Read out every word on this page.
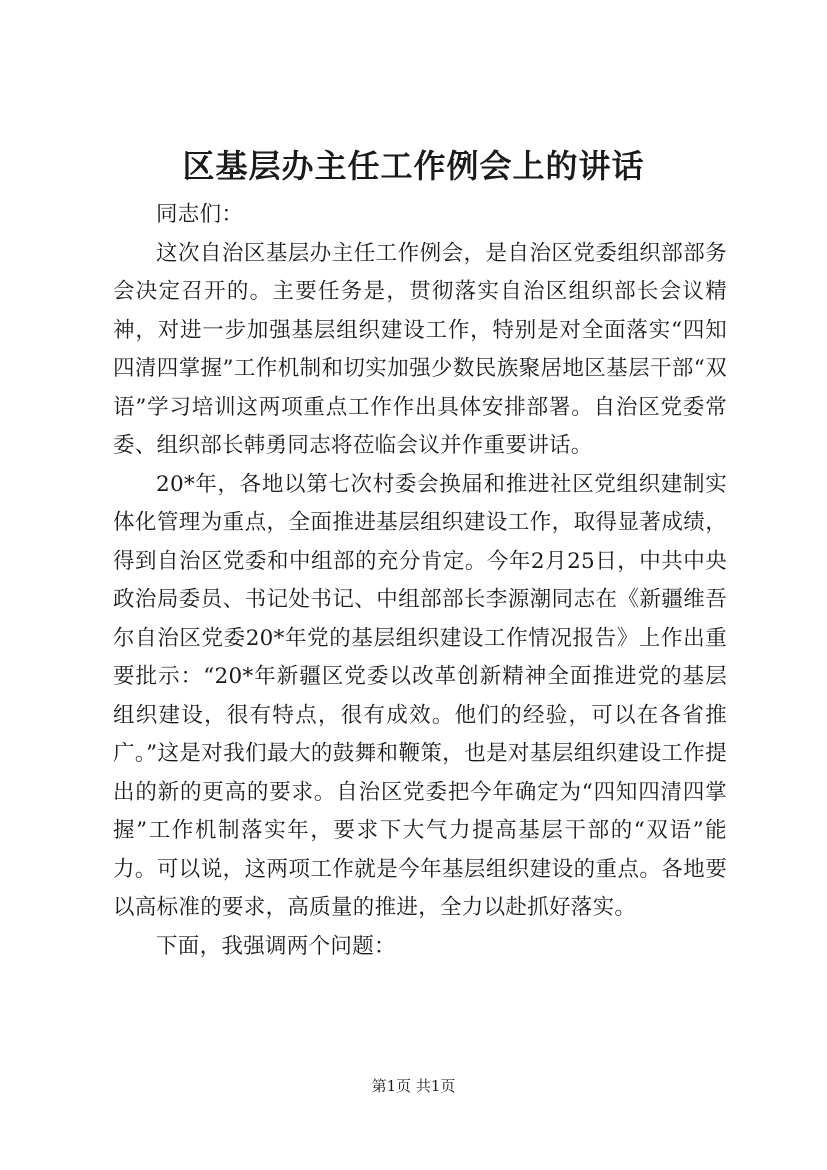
区基层办主任工作例会上的讲话

同志们：

这次自治区基层办主任工作例会，是自治区党委组织部部务会决定召开的。主要任务是，贯彻落实自治区组织部长会议精神，对进一步加强基层组织建设工作，特别是对全面落实“四知四清四掌握”工作机制和切实加强少数民族聚居地区基层干部“双语”学习培训这两项重点工作作出具体安排部署。自治区党委常委、组织部长韩勇同志将莅临会议并作重要讲话。

20*年，各地以第七次村委会换届和推进社区党组织建制实体化管理为重点，全面推进基层组织建设工作，取得显著成绩，得到自治区党委和中组部的充分肯定。今年2月25日，中共中央政治局委员、书记处书记、中组部部长李源潮同志在《新疆维吾尔自治区党委20*年党的基层组织建设工作情况报告》上作出重要批示：“20*年新疆区党委以改革创新精神全面推进党的基层组织建设，很有特点，很有成效。他们的经验，可以在各省推广。”这是对我们最大的鼓舞和鞭策，也是对基层组织建设工作提出的新的更高的要求。自治区党委把今年确定为“四知四清四掌握”工作机制落实年，要求下大气力提高基层干部的“双语”能力。可以说，这两项工作就是今年基层组织建设的重点。各地要以高标准的要求，高质量的推进，全力以赴抓好落实。

下面，我强调两个问题：

第1页 共1页
